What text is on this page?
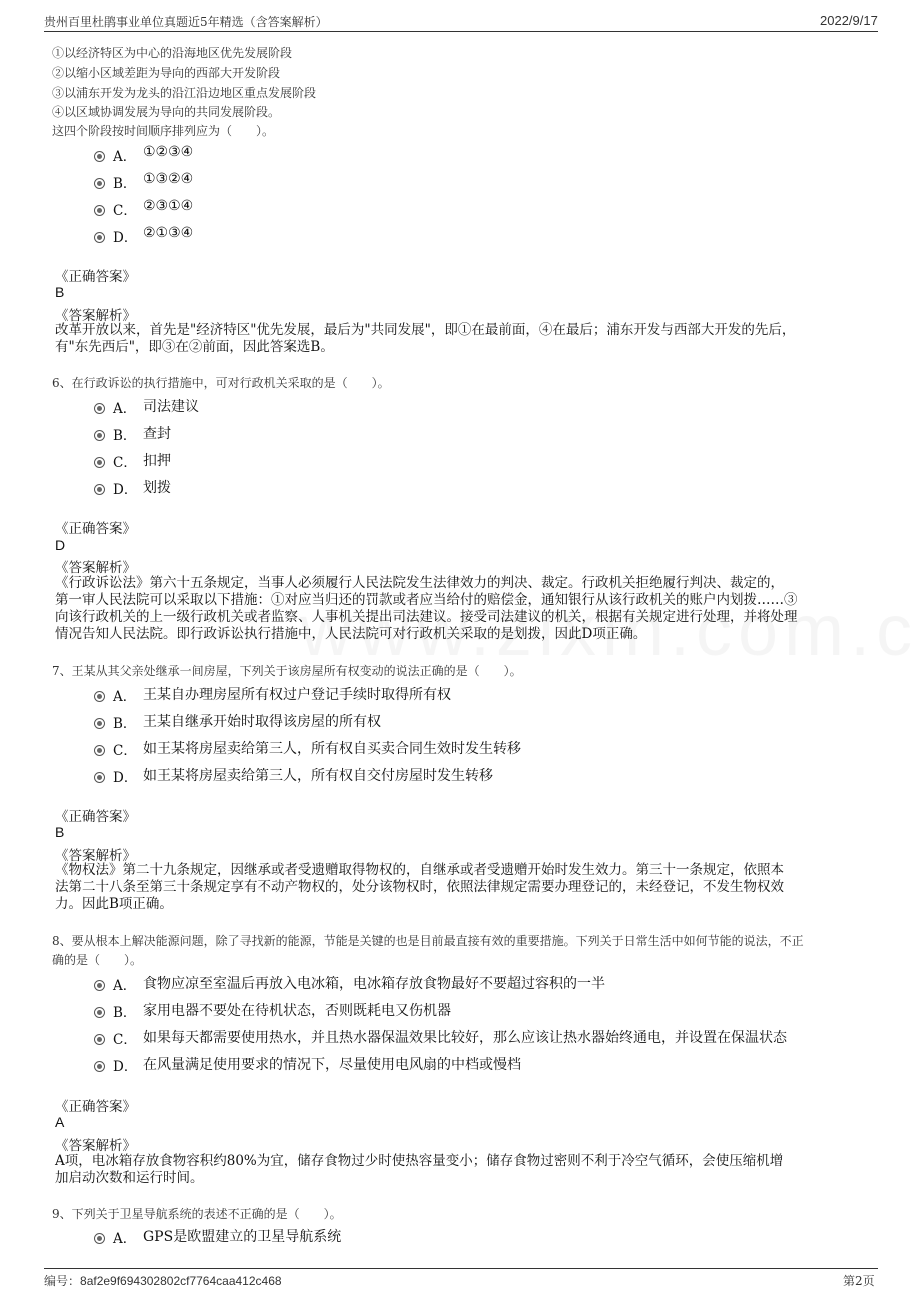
贵州百里杜鹃事业单位真题近5年精选（含答案解析）	2022/9/17
①以经济特区为中心的沿海地区优先发展阶段
②以缩小区域差距为导向的西部大开发阶段
③以浦东开发为龙头的沿江沿边地区重点发展阶段
④以区域协调发展为导向的共同发展阶段。
这四个阶段按时间顺序排列应为（　　）。
A． ①②③④
B． ①③②④
C． ②③①④
D． ②①③④
《正确答案》
B
《答案解析》
改革开放以来，首先是"经济特区"优先发展，最后为"共同发展"，即①在最前面，④在最后；浦东开发与西部大开发的先后，
有"东先西后"，即③在②前面，因此答案选B。
6、在行政诉讼的执行措施中，可对行政机关采取的是（　　）。
A． 司法建议
B． 查封
C． 扣押
D． 划拨
《正确答案》
D
《答案解析》
《行政诉讼法》第六十五条规定，当事人必须履行人民法院发生法律效力的判决、裁定。行政机关拒绝履行判决、裁定的，
第一审人民法院可以采取以下措施：①对应当归还的罚款或者应当给付的赔偿金，通知银行从该行政机关的账户内划拨……③
向该行政机关的上一级行政机关或者监察、人事机关提出司法建议。接受司法建议的机关，根据有关规定进行处理，并将处理
情况告知人民法院。即行政诉讼执行措施中，人民法院可对行政机关采取的是划拨，因此D项正确。
7、王某从其父亲处继承一间房屋，下列关于该房屋所有权变动的说法正确的是（　　）。
A． 王某自办理房屋所有权过户登记手续时取得所有权
B． 王某自继承开始时取得该房屋的所有权
C． 如王某将房屋卖给第三人，所有权自买卖合同生效时发生转移
D． 如王某将房屋卖给第三人，所有权自交付房屋时发生转移
《正确答案》
B
《答案解析》
《物权法》第二十九条规定，因继承或者受遗赠取得物权的，自继承或者受遗赠开始时发生效力。第三十一条规定，依照本
法第二十八条至第三十条规定享有不动产物权的，处分该物权时，依照法律规定需要办理登记的，未经登记，不发生物权效
力。因此B项正确。
8、要从根本上解决能源问题，除了寻找新的能源，节能是关键的也是目前最直接有效的重要措施。下列关于日常生活中如何节能的说法，不正
确的是（　　）。
A． 食物应凉至室温后再放入电冰箱，电冰箱存放食物最好不要超过容积的一半
B． 家用电器不要处在待机状态，否则既耗电又伤机器
C． 如果每天都需要使用热水，并且热水器保温效果比较好，那么应该让热水器始终通电，并设置在保温状态
D． 在风量满足使用要求的情况下，尽量使用电风扇的中档或慢档
《正确答案》
A
《答案解析》
A项，电冰箱存放食物容积约80%为宜，储存食物过少时使热容量变小；储存食物过密则不利于冷空气循环，会使压缩机增
加启动次数和运行时间。
9、下列关于卫星导航系统的表述不正确的是（　　）。
A． GPS是欧盟建立的卫星导航系统
编号：8af2e9f694302802cf7764caa412c468	第2页
